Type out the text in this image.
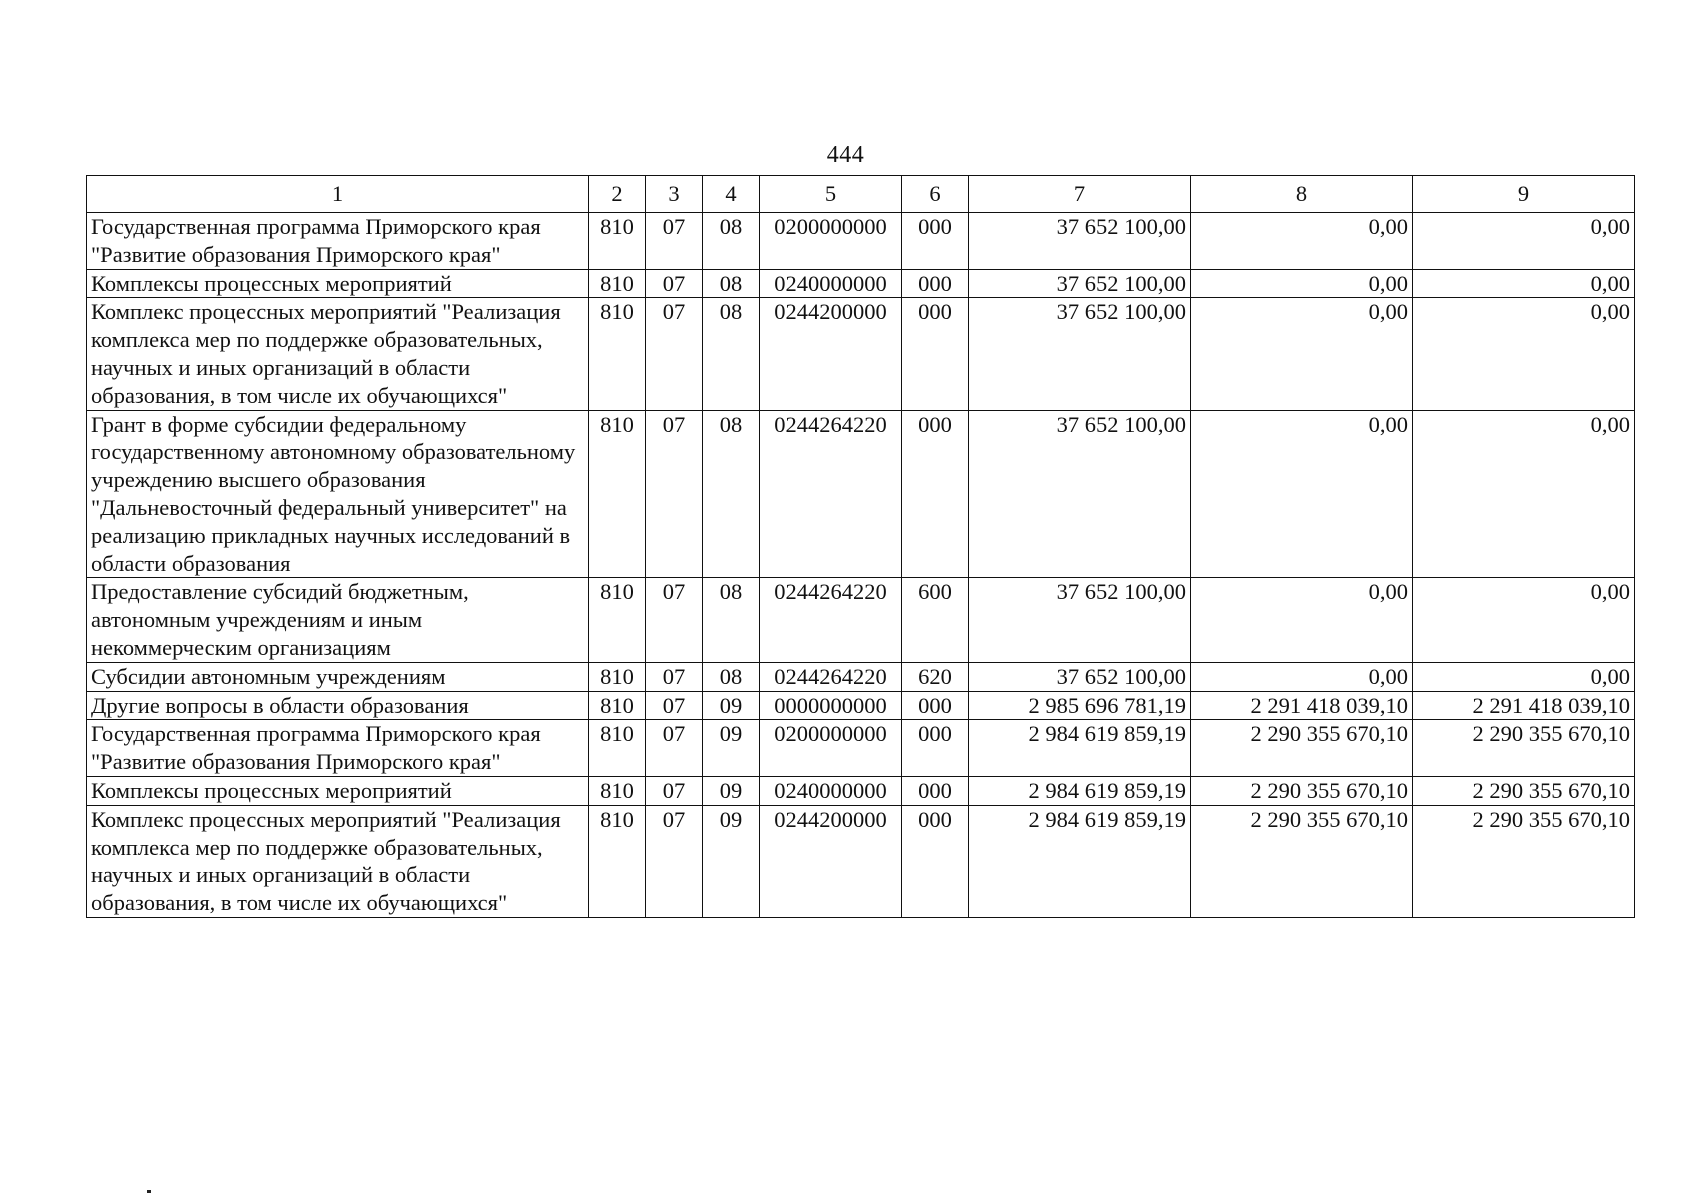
444
1	2	3	4	5	6	7	8	9
Государственная программа Приморского края "Развитие образования Приморского края"	810	07	08	0200000000	000	37 652 100,00	0,00	0,00
Комплексы процессных мероприятий	810	07	08	0240000000	000	37 652 100,00	0,00	0,00
Комплекс процессных мероприятий "Реализация комплекса мер по поддержке образовательных, научных и иных организаций в области образования, в том числе их обучающихся"	810	07	08	0244200000	000	37 652 100,00	0,00	0,00
Грант в форме субсидии федеральному государственному автономному образовательному учреждению высшего образования "Дальневосточный федеральный университет" на реализацию прикладных научных исследований в области образования	810	07	08	0244264220	000	37 652 100,00	0,00	0,00
Предоставление субсидий бюджетным, автономным учреждениям и иным некоммерческим организациям	810	07	08	0244264220	600	37 652 100,00	0,00	0,00
Субсидии автономным учреждениям	810	07	08	0244264220	620	37 652 100,00	0,00	0,00
Другие вопросы в области образования	810	07	09	0000000000	000	2 985 696 781,19	2 291 418 039,10	2 291 418 039,10
Государственная программа Приморского края "Развитие образования Приморского края"	810	07	09	0200000000	000	2 984 619 859,19	2 290 355 670,10	2 290 355 670,10
Комплексы процессных мероприятий	810	07	09	0240000000	000	2 984 619 859,19	2 290 355 670,10	2 290 355 670,10
Комплекс процессных мероприятий "Реализация комплекса мер по поддержке образовательных, научных и иных организаций в области образования, в том числе их обучающихся"	810	07	09	0244200000	000	2 984 619 859,19	2 290 355 670,10	2 290 355 670,10
